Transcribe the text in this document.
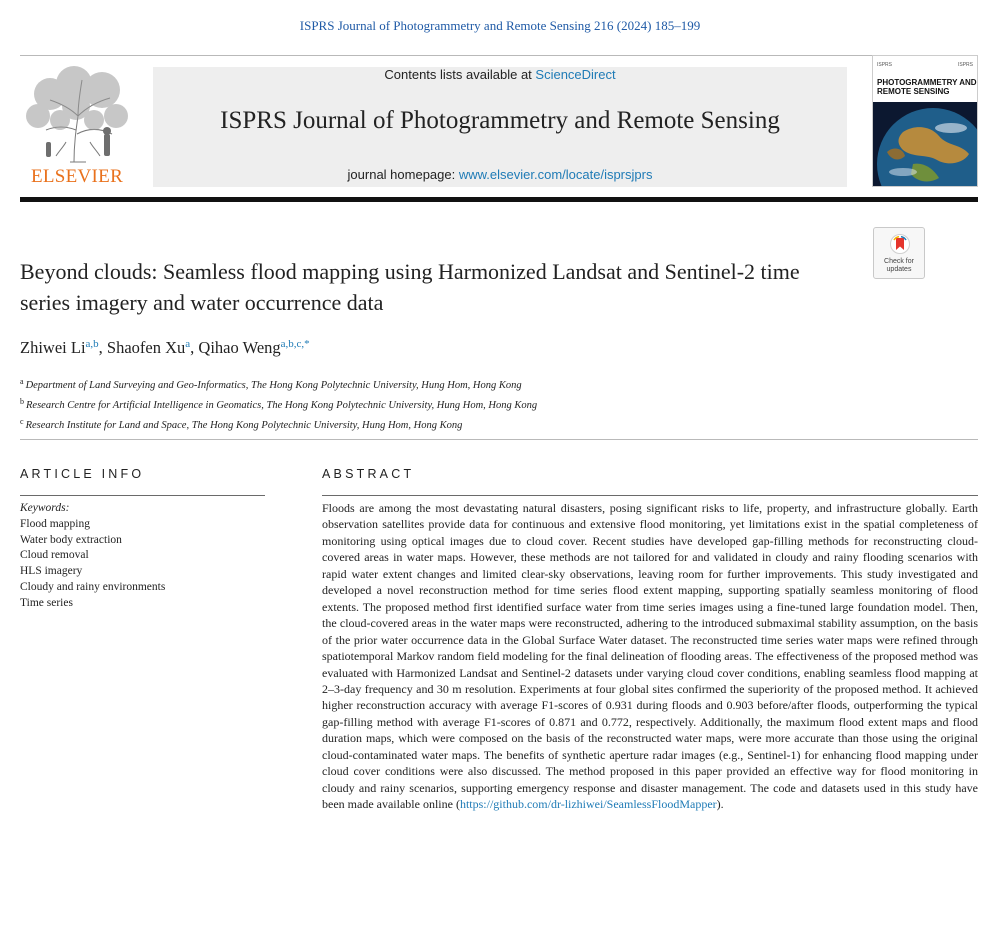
ISPRS Journal of Photogrammetry and Remote Sensing 216 (2024) 185–199
ELSEVIER
Contents lists available at ScienceDirect
ISPRS Journal of Photogrammetry and Remote Sensing
journal homepage: www.elsevier.com/locate/isprsjprs
ISPRS	ISPRS
PHOTOGRAMMETRY AND REMOTE SENSING
Check for
updates
Beyond clouds: Seamless flood mapping using Harmonized Landsat and Sentinel-2 time series imagery and water occurrence data
Zhiwei Li$^{a,b}$, Shaofen Xu$^a$, Qihao Weng$^{a,b,c,*}$
$^a$ Department of Land Surveying and Geo-Informatics, The Hong Kong Polytechnic University, Hung Hom, Hong Kong
$^b$ Research Centre for Artificial Intelligence in Geomatics, The Hong Kong Polytechnic University, Hung Hom, Hong Kong
$^c$ Research Institute for Land and Space, The Hong Kong Polytechnic University, Hung Hom, Hong Kong
ARTICLE INFO
Keywords:
Flood mapping
Water body extraction
Cloud removal
HLS imagery
Cloudy and rainy environments
Time series
ABSTRACT

Floods are among the most devastating natural disasters, posing significant risks to life, property, and infrastructure globally. Earth observation satellites provide data for continuous and extensive flood monitoring, yet limitations exist in the spatial completeness of monitoring using optical images due to cloud cover. Recent studies have developed gap-filling methods for reconstructing cloud-covered areas in water maps. However, these methods are not tailored for and validated in cloudy and rainy flooding scenarios with rapid water extent changes and limited clear-sky observations, leaving room for further improvements. This study investigated and developed a novel reconstruction method for time series flood extent mapping, supporting spatially seamless monitoring of flood extents. The proposed method first identified surface water from time series images using a fine-tuned large foundation model. Then, the cloud-covered areas in the water maps were reconstructed, adhering to the introduced submaximal stability assumption, on the basis of the prior water occurrence data in the Global Surface Water dataset. The reconstructed time series water maps were refined through spatiotemporal Markov random field modeling for the final delineation of flooding areas. The effectiveness of the proposed method was evaluated with Harmonized Landsat and Sentinel-2 datasets under varying cloud cover conditions, enabling seamless flood mapping at 2–3-day frequency and 30 m resolution. Experiments at four global sites confirmed the superiority of the proposed method. It achieved higher reconstruction accuracy with average F1-scores of 0.931 during floods and 0.903 before/after floods, outperforming the typical gap-filling method with average F1-scores of 0.871 and 0.772, respectively. Additionally, the maximum flood extent maps and flood duration maps, which were composed on the basis of the reconstructed water maps, were more accurate than those using the original cloud-contaminated water maps. The benefits of synthetic aperture radar images (e.g., Sentinel-1) for enhancing flood mapping under cloud cover conditions were also discussed. The method proposed in this paper provided an effective way for flood monitoring in cloudy and rainy scenarios, supporting emergency response and disaster management. The code and datasets used in this study have been made available online (https://github.com/dr-lizhiwei/SeamlessFloodMapper).
